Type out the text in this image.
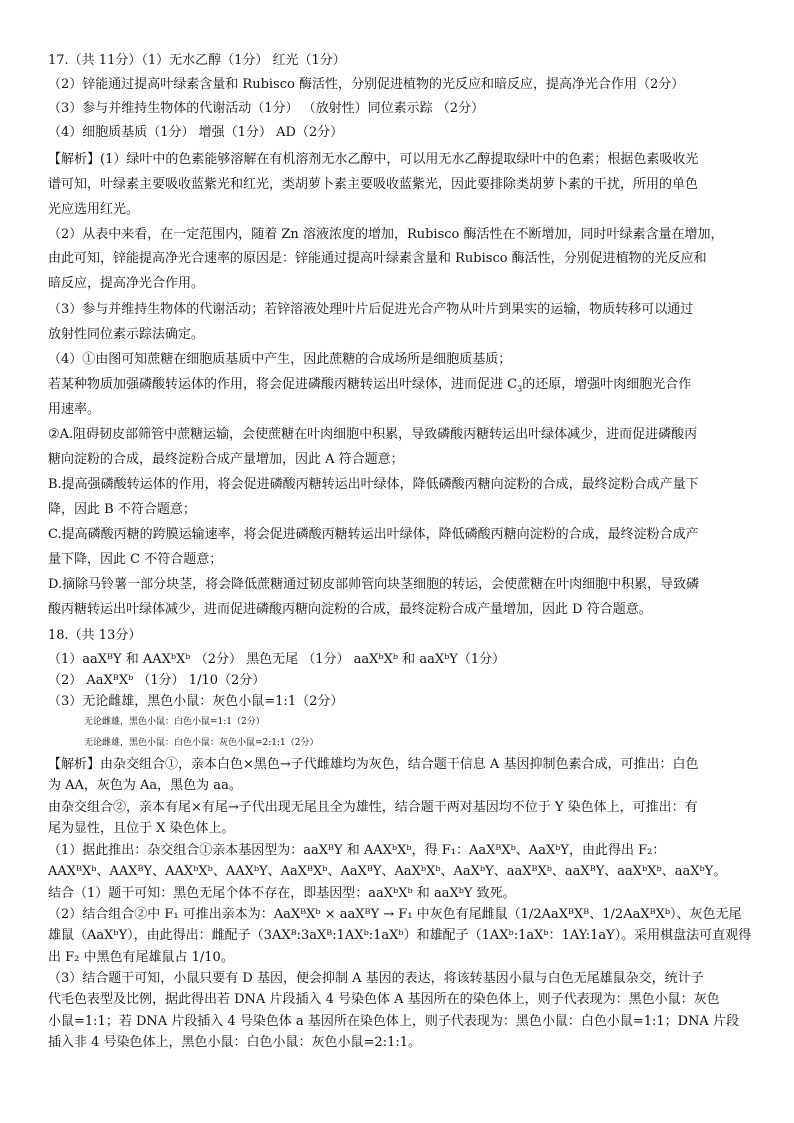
17.（共 11分）（1）无水乙醇（1分） 红光（1分）
（2）锌能通过提高叶绿素含量和 Rubisco 酶活性，分别促进植物的光反应和暗反应，提高净光合作用（2分）
（3）参与并维持生物体的代谢活动（1分） （放射性）同位素示踪 （2分）
（4）细胞质基质（1分） 增强（1分） AD（2分）
【解析】(1）绿叶中的色素能够溶解在有机溶剂无水乙醇中，可以用无水乙醇提取绿叶中的色素；根据色素吸收光
谱可知，叶绿素主要吸收蓝紫光和红光，类胡萝卜素主要吸收蓝紫光，因此要排除类胡萝卜素的干扰，所用的单色
光应选用红光。
（2）从表中来看，在一定范围内，随着 Zn 溶液浓度的增加，Rubisco 酶活性在不断增加，同时叶绿素含量在增加，
由此可知，锌能提高净光合速率的原因是：锌能通过提高叶绿素含量和 Rubisco 酶活性，分别促进植物的光反应和
暗反应，提高净光合作用。
（3）参与并维持生物体的代谢活动；若锌溶液处理叶片后促进光合产物从叶片到果实的运输，物质转移可以通过
放射性同位素示踪法确定。
（4）①由图可知蔗糖在细胞质基质中产生，因此蔗糖的合成场所是细胞质基质；
若某种物质加强磷酸转运体的作用，将会促进磷酸丙糖转运出叶绿体，进而促进 $C_3$的还原，增强叶肉细胞光合作
用速率。
②A.阻碍韧皮部筛管中蔗糖运输，会使蔗糖在叶肉细胞中积累，导致磷酸丙糖转运出叶绿体减少，进而促进磷酸丙
糖向淀粉的合成，最终淀粉合成产量增加，因此 A 符合题意；
B.提高强磷酸转运体的作用，将会促进磷酸丙糖转运出叶绿体，降低磷酸丙糖向淀粉的合成，最终淀粉合成产量下
降，因此 B 不符合题意；
C.提高磷酸丙糖的跨膜运输速率，将会促进磷酸丙糖转运出叶绿体，降低磷酸丙糖向淀粉的合成，最终淀粉合成产
量下降，因此 C 不符合题意；
D.摘除马铃薯一部分块茎，将会降低蔗糖通过韧皮部帅管向块茎细胞的转运，会使蔗糖在叶肉细胞中积累，导致磷
酸丙糖转运出叶绿体减少，进而促进磷酸丙糖向淀粉的合成，最终淀粉合成产量增加，因此 D 符合题意。
18.（共 13分）
（1）aaXᴮY 和 AAXᵇXᵇ （2分） 黑色无尾 （1分） aaXᵇXᵇ 和 aaXᵇY（1分）
（2） AaXᴮXᵇ （1分） 1/10（2分）
（3）无论雌雄，黑色小鼠：灰色小鼠=1:1（2分）
无论雌雄，黑色小鼠：白色小鼠=1:1（2分）
无论雌雄，黑色小鼠：白色小鼠：灰色小鼠=2:1:1（2分）
【解析】由杂交组合①，亲本白色×黑色→子代雌雄均为灰色，结合题干信息 A 基因抑制色素合成，可推出：白色
为 AA，灰色为 Aa，黑色为 aa。
由杂交组合②，亲本有尾×有尾→子代出现无尾且全为雄性，结合题干两对基因均不位于 Y 染色体上，可推出：有
尾为显性，且位于 X 染色体上。
（1）据此推出：杂交组合①亲本基因型为：aaXᴮY 和 AAXᵇXᵇ，得 F₁：AaXᴮXᵇ、AaXᵇY，由此得出 F₂：
AAXᴮXᵇ、AAXᴮY、AAXᵇXᵇ、AAXᵇY、AaXᴮXᵇ、AaXᴮY、AaXᵇXᵇ、AaXᵇY、aaXᴮXᵇ、aaXᴮY、aaXᵇXᵇ、aaXᵇY。
结合（1）题干可知：黑色无尾个体不存在，即基因型：aaXᵇXᵇ 和 aaXᵇY 致死。
（2）结合组合②中 F₁ 可推出亲本为：AaXᴮXᵇ × aaXᴮY → F₁ 中灰色有尾雌鼠（1/2AaXᴮXᴮ、1/2AaXᴮXᵇ）、灰色无尾
雄鼠（AaXᵇY），由此得出：雌配子（3AXᴮ:3aXᴮ:1AXᵇ:1aXᵇ）和雄配子（1AXᵇ:1aXᵇ：1AY:1aY）。采用棋盘法可直观得
出 F₂ 中黑色有尾雄鼠占 1/10。
（3）结合题干可知，小鼠只要有 D 基因，便会抑制 A 基因的表达，将该转基因小鼠与白色无尾雄鼠杂交，统计子
代毛色表型及比例，据此得出若 DNA 片段插入 4 号染色体 A 基因所在的染色体上，则子代表现为：黑色小鼠：灰色
小鼠=1:1；若 DNA 片段插入 4 号染色体 a 基因所在染色体上，则子代表现为：黑色小鼠：白色小鼠=1:1；DNA 片段
插入非 4 号染色体上，黑色小鼠：白色小鼠：灰色小鼠=2:1:1。
